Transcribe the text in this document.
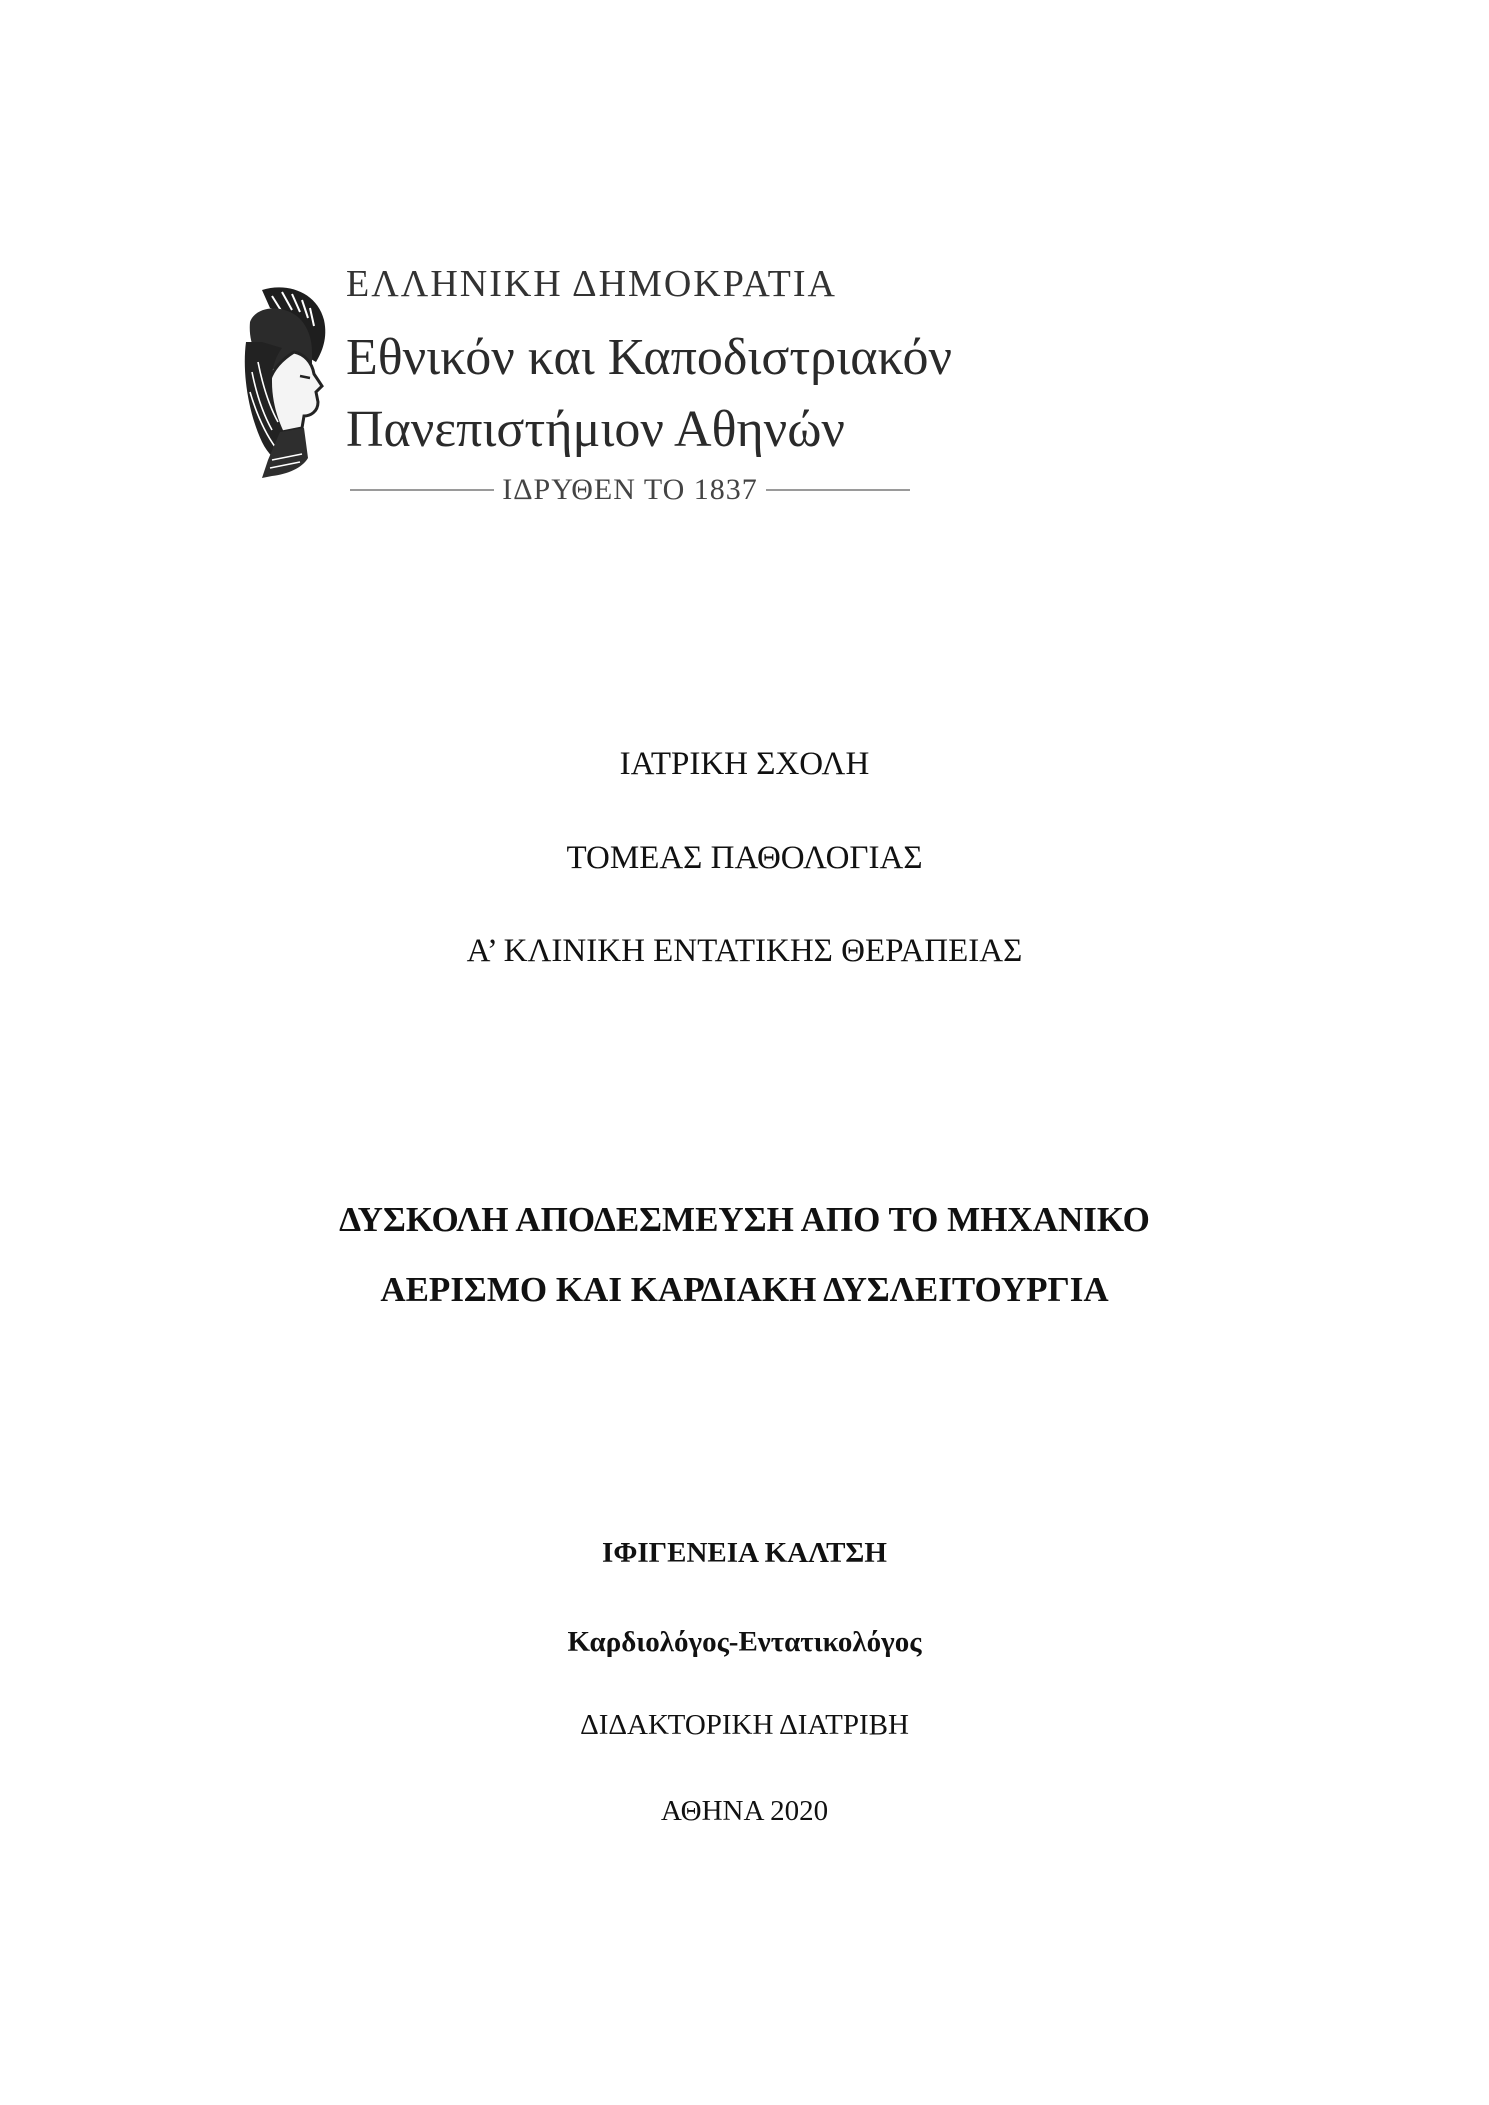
ΕΛΛΗΝΙΚΗ ΔΗΜΟΚΡΑΤΙΑ
Εθνικόν και Καποδιστριακόν
Πανεπιστήμιον Αθηνών
ΙΔΡΥΘΕΝ ΤΟ 1837
ΙΑΤΡΙΚΗ ΣΧΟΛΗ
ΤΟΜΕΑΣ ΠΑΘΟΛΟΓΙΑΣ
Α’ ΚΛΙΝΙΚΗ ΕΝΤΑΤΙΚΗΣ ΘΕΡΑΠΕΙΑΣ
ΔΥΣΚΟΛΗ ΑΠΟΔΕΣΜΕΥΣΗ ΑΠΟ ΤΟ ΜΗΧΑΝΙΚΟ
ΑΕΡΙΣΜΟ ΚΑΙ ΚΑΡΔΙΑΚΗ ΔΥΣΛΕΙΤΟΥΡΓΙΑ
ΙΦΙΓΕΝΕΙΑ ΚΑΛΤΣΗ
Καρδιολόγος-Εντατικολόγος
ΔΙΔΑΚΤΟΡΙΚΗ ΔΙΑΤΡΙΒΗ
ΑΘΗΝΑ 2020
